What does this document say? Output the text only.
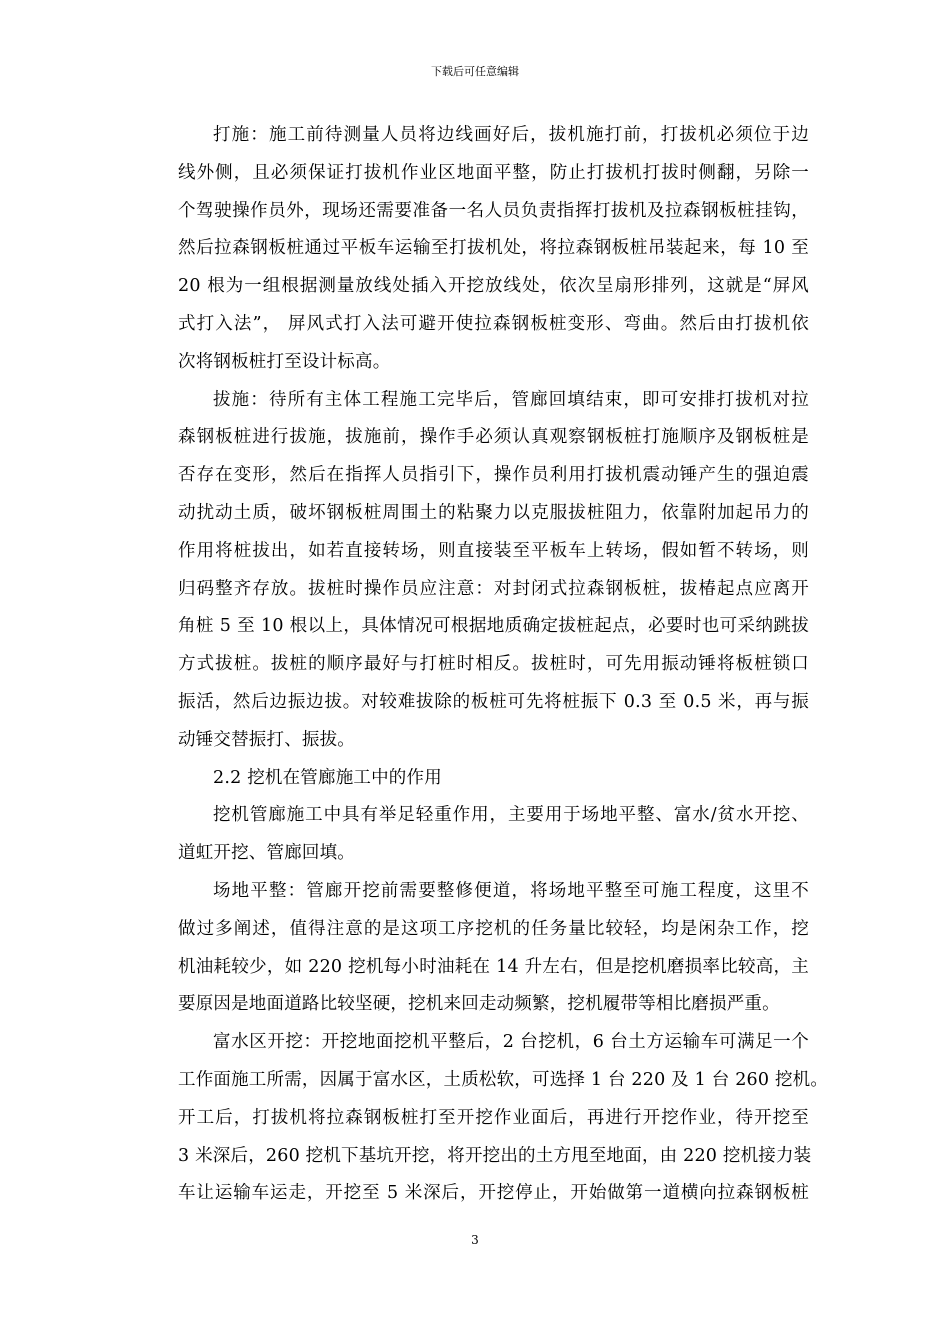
下载后可任意编辑
打施：施工前待测量人员将边线画好后，拔机施打前，打拔机必须位于边
线外侧，且必须保证打拔机作业区地面平整，防止打拔机打拔时侧翻，另除一
个驾驶操作员外，现场还需要准备一名人员负责指挥打拔机及拉森钢板桩挂钩，
然后拉森钢板桩通过平板车运输至打拔机处，将拉森钢板桩吊装起来，每 10 至
20 根为一组根据测量放线处插入开挖放线处，依次呈扇形排列，这就是“屏风
式打入法”， 屏风式打入法可避开使拉森钢板桩变形、弯曲。然后由打拔机依
次将钢板桩打至设计标高。
拔施：待所有主体工程施工完毕后，管廊回填结束，即可安排打拔机对拉
森钢板桩进行拔施，拔施前，操作手必须认真观察钢板桩打施顺序及钢板桩是
否存在变形，然后在指挥人员指引下，操作员利用打拔机震动锤产生的强迫震
动扰动土质，破坏钢板桩周围土的粘聚力以克服拔桩阻力，依靠附加起吊力的
作用将桩拔出，如若直接转场，则直接装至平板车上转场，假如暂不转场，则
归码整齐存放。拔桩时操作员应注意：对封闭式拉森钢板桩，拔椿起点应离开
角桩 5 至 10 根以上，具体情况可根据地质确定拔桩起点，必要时也可采纳跳拔
方式拔桩。拔桩的顺序最好与打桩时相反。拔桩时，可先用振动锤将板桩锁口
振活，然后边振边拔。对较难拔除的板桩可先将桩振下 0.3 至 0.5 米，再与振
动锤交替振打、振拔。
2.2 挖机在管廊施工中的作用
挖机管廊施工中具有举足轻重作用，主要用于场地平整、富水/贫水开挖、
道虹开挖、管廊回填。
场地平整：管廊开挖前需要整修便道，将场地平整至可施工程度，这里不
做过多阐述，值得注意的是这项工序挖机的任务量比较轻，均是闲杂工作，挖
机油耗较少，如 220 挖机每小时油耗在 14 升左右，但是挖机磨损率比较高，主
要原因是地面道路比较坚硬，挖机来回走动频繁，挖机履带等相比磨损严重。
富水区开挖：开挖地面挖机平整后，2 台挖机，6 台土方运输车可满足一个
工作面施工所需，因属于富水区，土质松软，可选择 1 台 220 及 1 台 260 挖机。
开工后，打拔机将拉森钢板桩打至开挖作业面后，再进行开挖作业，待开挖至
3 米深后，260 挖机下基坑开挖，将开挖出的土方甩至地面，由 220 挖机接力装
车让运输车运走，开挖至 5 米深后，开挖停止，开始做第一道横向拉森钢板桩
3
